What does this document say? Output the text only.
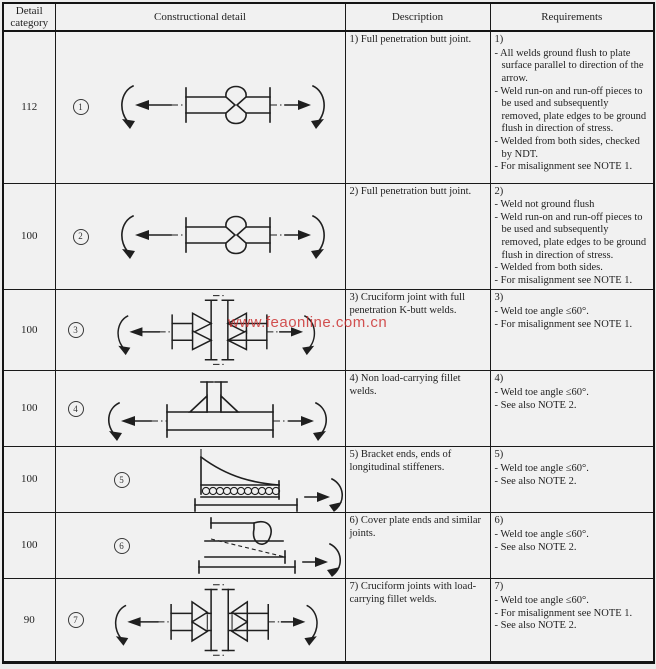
Detail category	Constructional detail	Description	Requirements
112	1	1) Full penetration butt joint.	1)
- All welds ground flush to plate surface parallel to direction of the arrow.
- Weld run-on and run-off pieces to be used and subsequently removed, plate edges to be ground flush in direction of stress.
- Welded from both sides, checked by NDT.
- For misalignment see NOTE 1.

100	2	2) Full penetration butt joint.	2)
- Weld not ground flush
- Weld run-on and run-off pieces to be used and subsequently removed, plate edges to be ground flush in direction of stress.
- Welded from both sides.
- For misalignment see NOTE 1.

100	3	3) Cruciform joint with full penetration K-butt welds.	3)
- Weld toe angle ≤60°.
- For misalignment see NOTE 1.

100	4	4) Non load-carrying fillet welds.	4)
- Weld toe angle ≤60°.
- See also NOTE 2.

100	5	5) Bracket ends, ends of longitudinal stiffeners.	5)
- Weld toe angle ≤60°.
- See also NOTE 2.

100	6	6) Cover plate ends and similar joints.	6)
- Weld toe angle ≤60°.
- See also NOTE 2.

90	7	7) Cruciform joints with load-carrying fillet welds.	7)
- Weld toe angle ≤60°.
- For misalignment see NOTE 1.
- See also NOTE 2.
www.feaonline.com.cn
